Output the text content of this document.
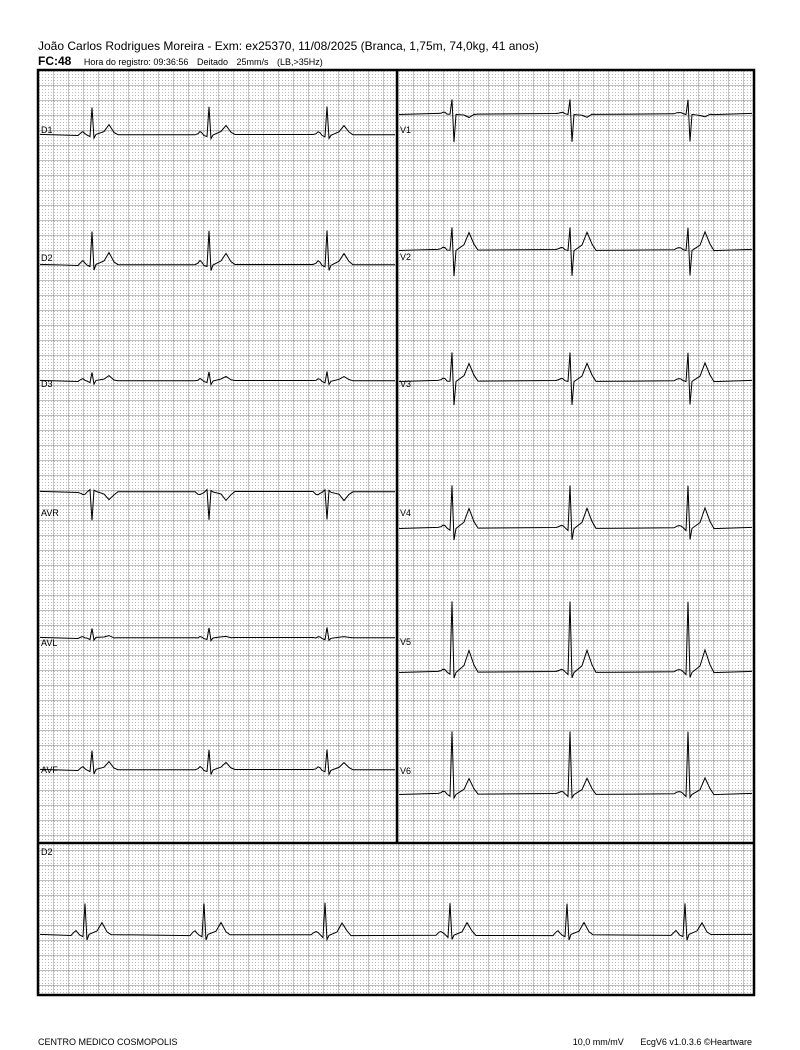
João Carlos Rodrigues Moreira - Exm: ex25370, 11/08/2025 (Branca, 1,75m, 74,0kg, 41 anos)
FC:48 Hora do registro: 09:36:56 Deitado 25mm/s (LB,>35Hz)
D1
D2
D3
AVR
AVL
AVF
V1
V2
V3
V4
V5
V6
D2
CENTRO MEDICO COSMOPOLIS	10,0 mm/mV EcgV6 v1.0.3.6 ©Heartware
